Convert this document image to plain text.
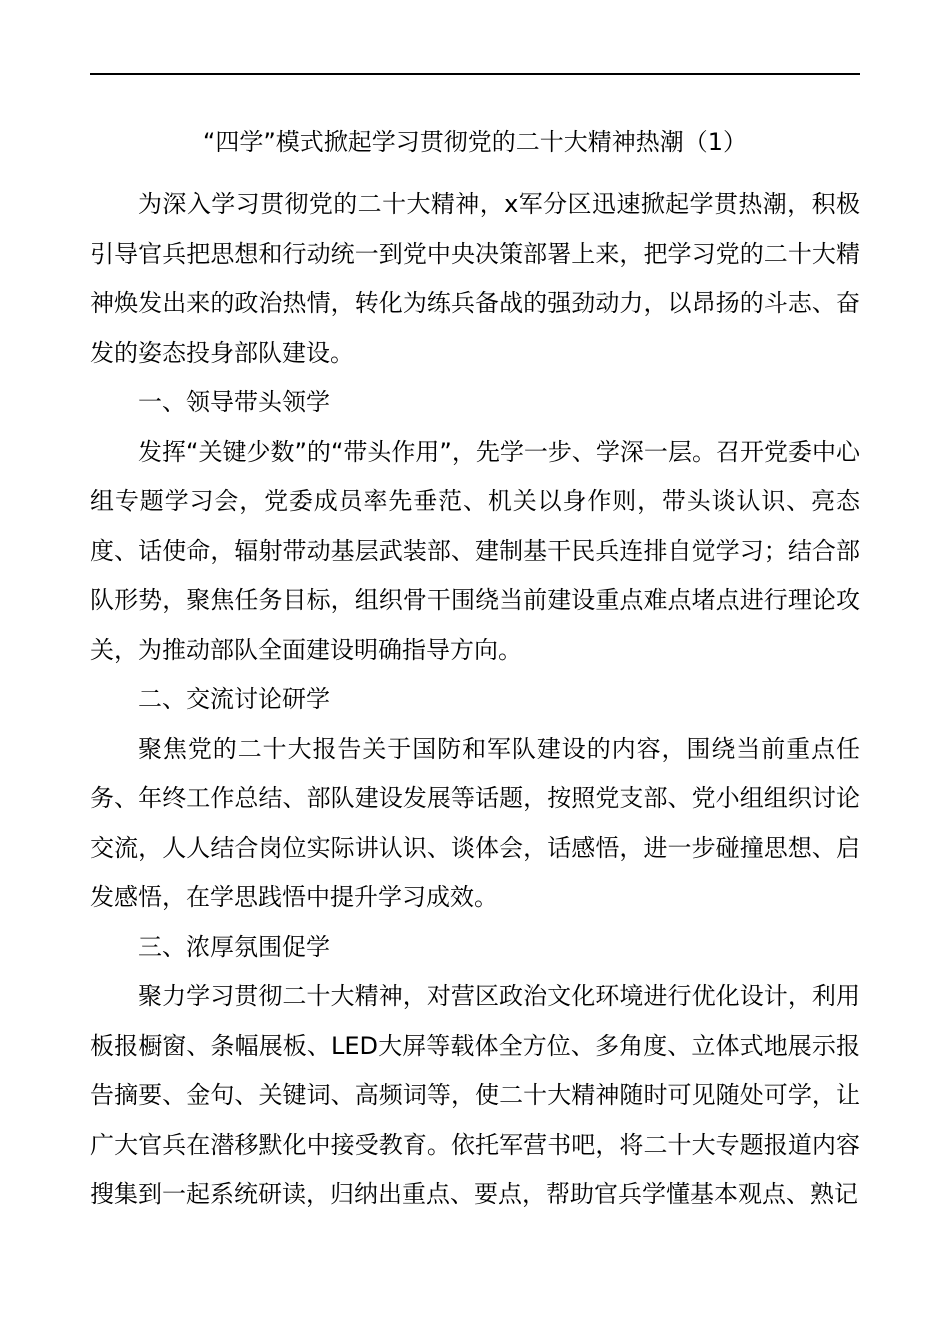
“四学”模式掀起学习贯彻党的二十大精神热潮（1）

为深入学习贯彻党的二十大精神，x军分区迅速掀起学贯热潮，积极引导官兵把思想和行动统一到党中央决策部署上来，把学习党的二十大精神焕发出来的政治热情，转化为练兵备战的强劲动力，以昂扬的斗志、奋发的姿态投身部队建设。

一、领导带头领学

发挥“关键少数”的“带头作用”，先学一步、学深一层。召开党委中心组专题学习会，党委成员率先垂范、机关以身作则，带头谈认识、亮态度、话使命，辐射带动基层武装部、建制基干民兵连排自觉学习；结合部队形势，聚焦任务目标，组织骨干围绕当前建设重点难点堵点进行理论攻关，为推动部队全面建设明确指导方向。

二、交流讨论研学

聚焦党的二十大报告关于国防和军队建设的内容，围绕当前重点任务、年终工作总结、部队建设发展等话题，按照党支部、党小组组织讨论交流，人人结合岗位实际讲认识、谈体会，话感悟，进一步碰撞思想、启发感悟，在学思践悟中提升学习成效。

三、浓厚氛围促学

聚力学习贯彻二十大精神，对营区政治文化环境进行优化设计，利用板报橱窗、条幅展板、LED大屏等载体全方位、多角度、立体式地展示报告摘要、金句、关键词、高频词等，使二十大精神随时可见随处可学，让广大官兵在潜移默化中接受教育。依托军营书吧，将二十大专题报道内容搜集到一起系统研读，归纳出重点、要点，帮助官兵学懂基本观点、熟记
